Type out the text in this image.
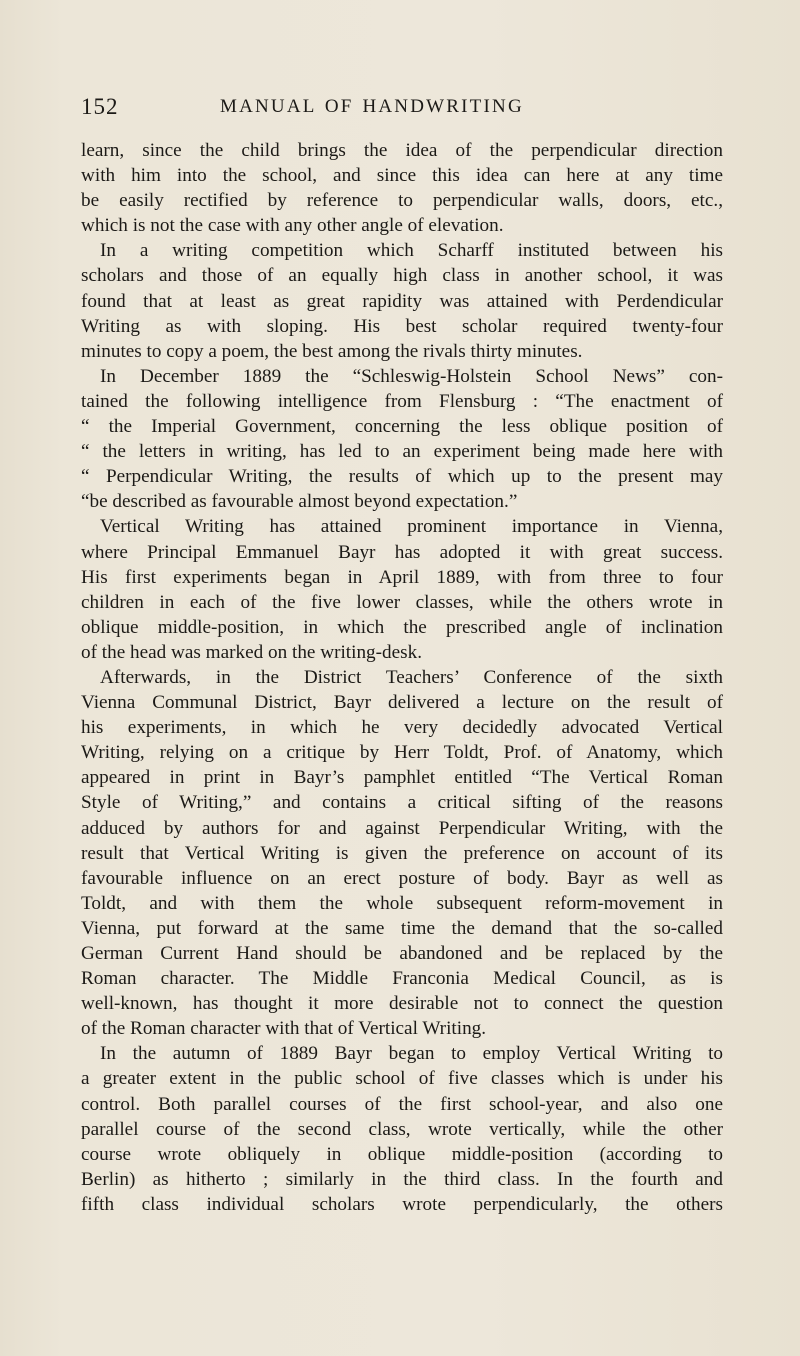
152	MANUAL OF HANDWRITING
learn, since the child brings the idea of the perpendicular direction
with him into the school, and since this idea can here at any time
be easily rectified by reference to perpendicular walls, doors, etc.,
which is not the case with any other angle of elevation.
In a writing competition which Scharff instituted between his
scholars and those of an equally high class in another school, it was
found that at least as great rapidity was attained with Perdendicular
Writing as with sloping. His best scholar required twenty-four
minutes to copy a poem, the best among the rivals thirty minutes.
In December 1889 the “Schleswig-Holstein School News” con-
tained the following intelligence from Flensburg : “The enactment of
“ the Imperial Government, concerning the less oblique position of
“ the letters in writing, has led to an experiment being made here with
“ Perpendicular Writing, the results of which up to the present may
“be described as favourable almost beyond expectation.”
Vertical Writing has attained prominent importance in Vienna,
where Principal Emmanuel Bayr has adopted it with great success.
His first experiments began in April 1889, with from three to four
children in each of the five lower classes, while the others wrote in
oblique middle-position, in which the prescribed angle of inclination
of the head was marked on the writing-desk.
Afterwards, in the District Teachers’ Conference of the sixth
Vienna Communal District, Bayr delivered a lecture on the result of
his experiments, in which he very decidedly advocated Vertical
Writing, relying on a critique by Herr Toldt, Prof. of Anatomy, which
appeared in print in Bayr’s pamphlet entitled “The Vertical Roman
Style of Writing,” and contains a critical sifting of the reasons
adduced by authors for and against Perpendicular Writing, with the
result that Vertical Writing is given the preference on account of its
favourable influence on an erect posture of body. Bayr as well as
Toldt, and with them the whole subsequent reform-movement in
Vienna, put forward at the same time the demand that the so-called
German Current Hand should be abandoned and be replaced by the
Roman character. The Middle Franconia Medical Council, as is
well-known, has thought it more desirable not to connect the question
of the Roman character with that of Vertical Writing.
In the autumn of 1889 Bayr began to employ Vertical Writing to
a greater extent in the public school of five classes which is under his
control. Both parallel courses of the first school-year, and also one
parallel course of the second class, wrote vertically, while the other
course wrote obliquely in oblique middle-position (according to
Berlin) as hitherto ; similarly in the third class. In the fourth and
fifth class individual scholars wrote perpendicularly, the others
